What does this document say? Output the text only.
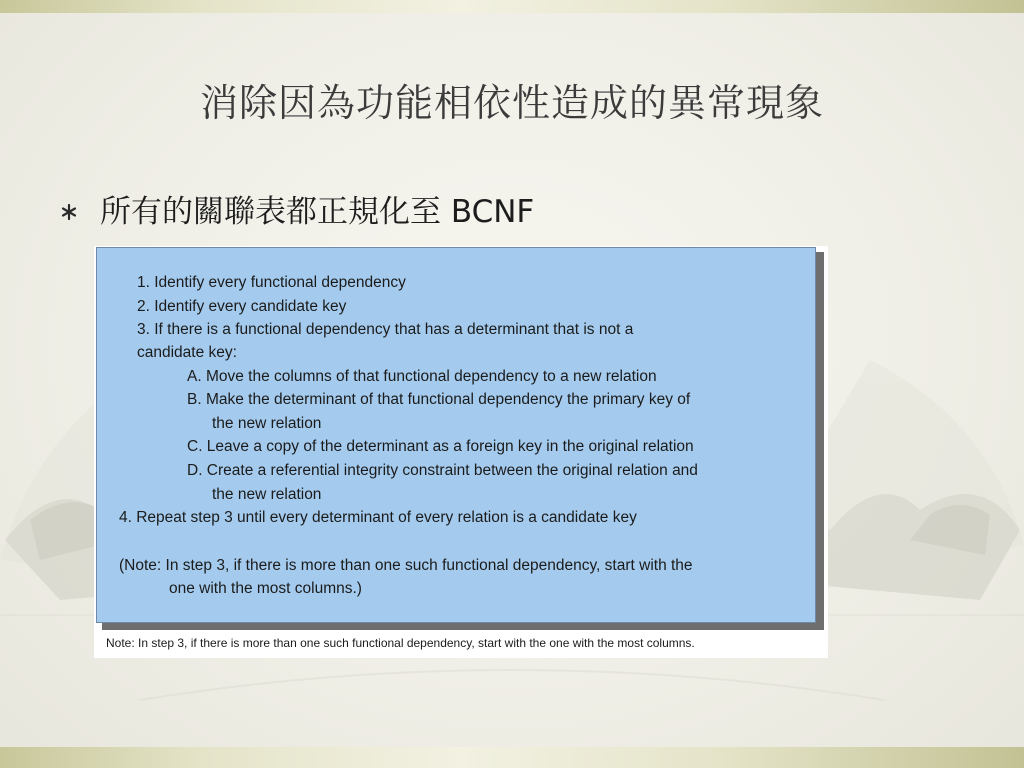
消除因為功能相依性造成的異常現象
所有的關聯表都正規化至 BCNF
1. Identify every functional dependency
2. Identify every candidate key
3. If there is a functional dependency that has a determinant that is not a
candidate key:
A. Move the columns of that functional dependency to a new relation
B. Make the determinant of that functional dependency the primary key of
the new relation
C. Leave a copy of the determinant as a foreign key in the original relation
D. Create a referential integrity constraint between the original relation and
the new relation
4. Repeat step 3 until every determinant of every relation is a candidate key
(Note: In step 3, if there is more than one such functional dependency, start with the
one with the most columns.)
Note: In step 3, if there is more than one such functional dependency, start with the one with the most columns.
